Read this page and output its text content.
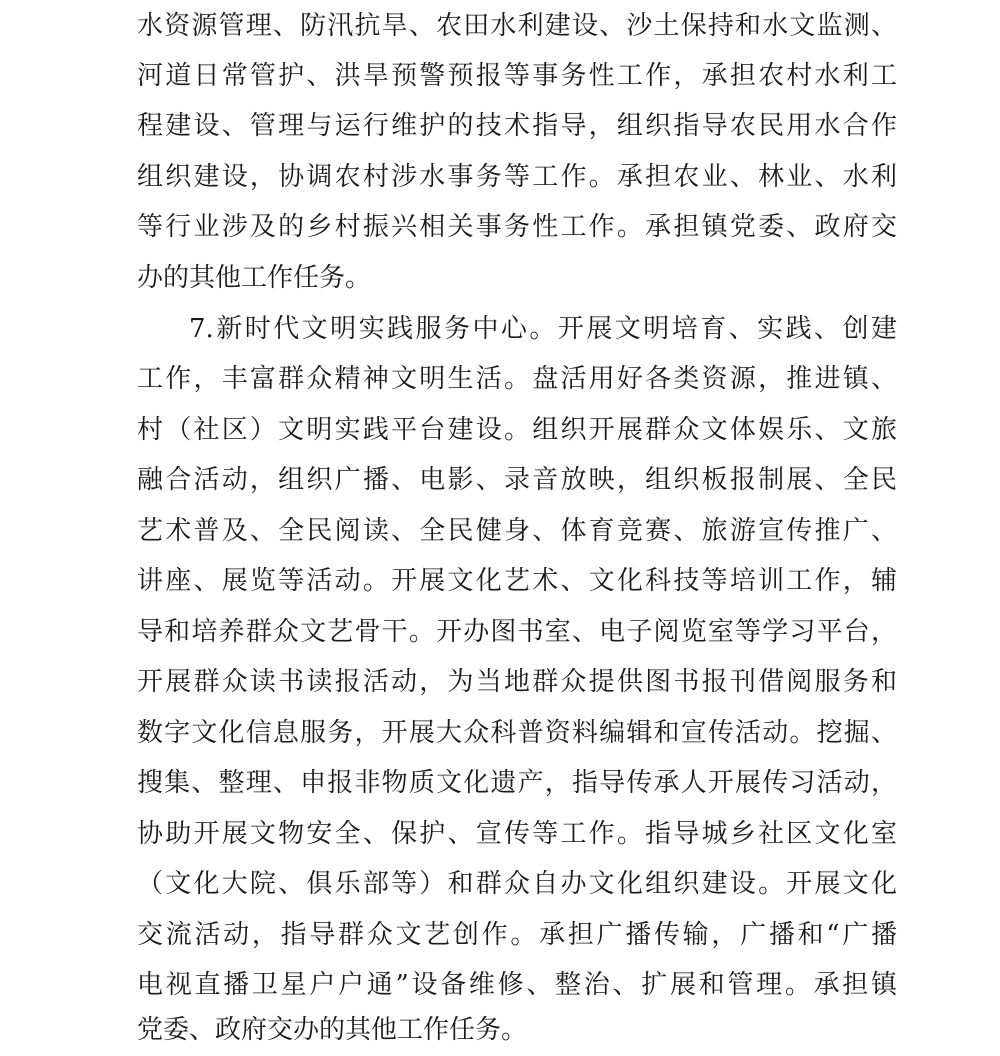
水资源管理、防汛抗旱、农田水利建设、沙土保持和水文监测、
河道日常管护、洪旱预警预报等事务性工作，承担农村水利工
程建设、管理与运行维护的技术指导，组织指导农民用水合作
组织建设，协调农村涉水事务等工作。承担农业、林业、水利
等行业涉及的乡村振兴相关事务性工作。承担镇党委、政府交
办的其他工作任务。
7.新时代文明实践服务中心。开展文明培育、实践、创建
工作，丰富群众精神文明生活。盘活用好各类资源，推进镇、
村（社区）文明实践平台建设。组织开展群众文体娱乐、文旅
融合活动，组织广播、电影、录音放映，组织板报制展、全民
艺术普及、全民阅读、全民健身、体育竞赛、旅游宣传推广、
讲座、展览等活动。开展文化艺术、文化科技等培训工作，辅
导和培养群众文艺骨干。开办图书室、电子阅览室等学习平台，
开展群众读书读报活动，为当地群众提供图书报刊借阅服务和
数字文化信息服务，开展大众科普资料编辑和宣传活动。挖掘、
搜集、整理、申报非物质文化遗产，指导传承人开展传习活动，
协助开展文物安全、保护、宣传等工作。指导城乡社区文化室
（文化大院、俱乐部等）和群众自办文化组织建设。开展文化
交流活动，指导群众文艺创作。承担广播传输，广播和“广播
电视直播卫星户户通”设备维修、整治、扩展和管理。承担镇
党委、政府交办的其他工作任务。
